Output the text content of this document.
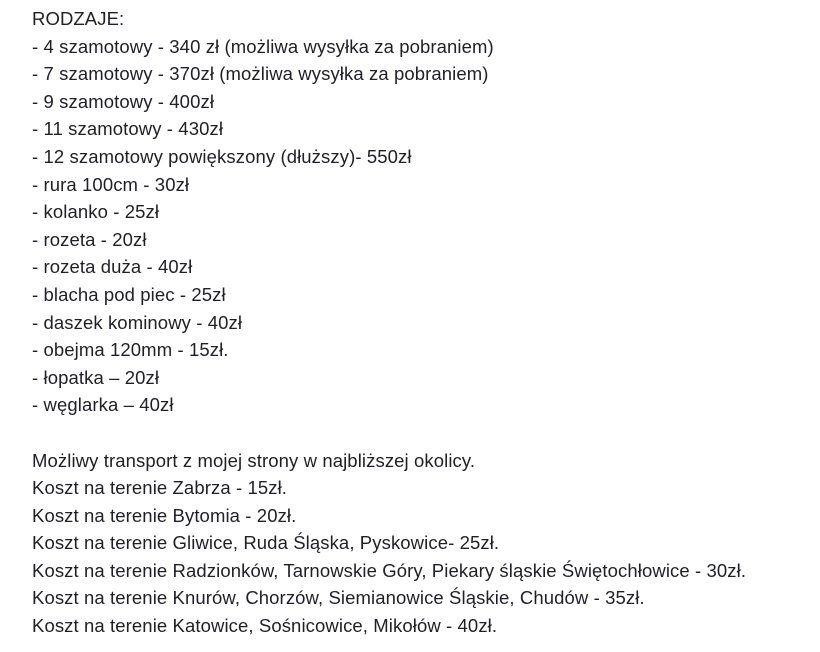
RODZAJE:
- 4 szamotowy - 340 zł (możliwa wysyłka za pobraniem)
- 7 szamotowy - 370zł (możliwa wysyłka za pobraniem)
- 9 szamotowy - 400zł
- 11 szamotowy - 430zł
- 12 szamotowy powiększony (dłuższy)- 550zł
- rura 100cm - 30zł
- kolanko - 25zł
- rozeta - 20zł
- rozeta duża - 40zł
- blacha pod piec - 25zł
- daszek kominowy - 40zł
- obejma 120mm - 15zł.
- łopatka – 20zł
- węglarka – 40zł
Możliwy transport z mojej strony w najbliższej okolicy.
Koszt na terenie Zabrza - 15zł.
Koszt na terenie Bytomia - 20zł.
Koszt na terenie Gliwice, Ruda Śląska, Pyskowice- 25zł.
Koszt na terenie Radzionków, Tarnowskie Góry, Piekary śląskie Świętochłowice - 30zł.
Koszt na terenie Knurów, Chorzów, Siemianowice Śląskie, Chudów - 35zł.
Koszt na terenie Katowice, Sośnicowice, Mikołów - 40zł.
